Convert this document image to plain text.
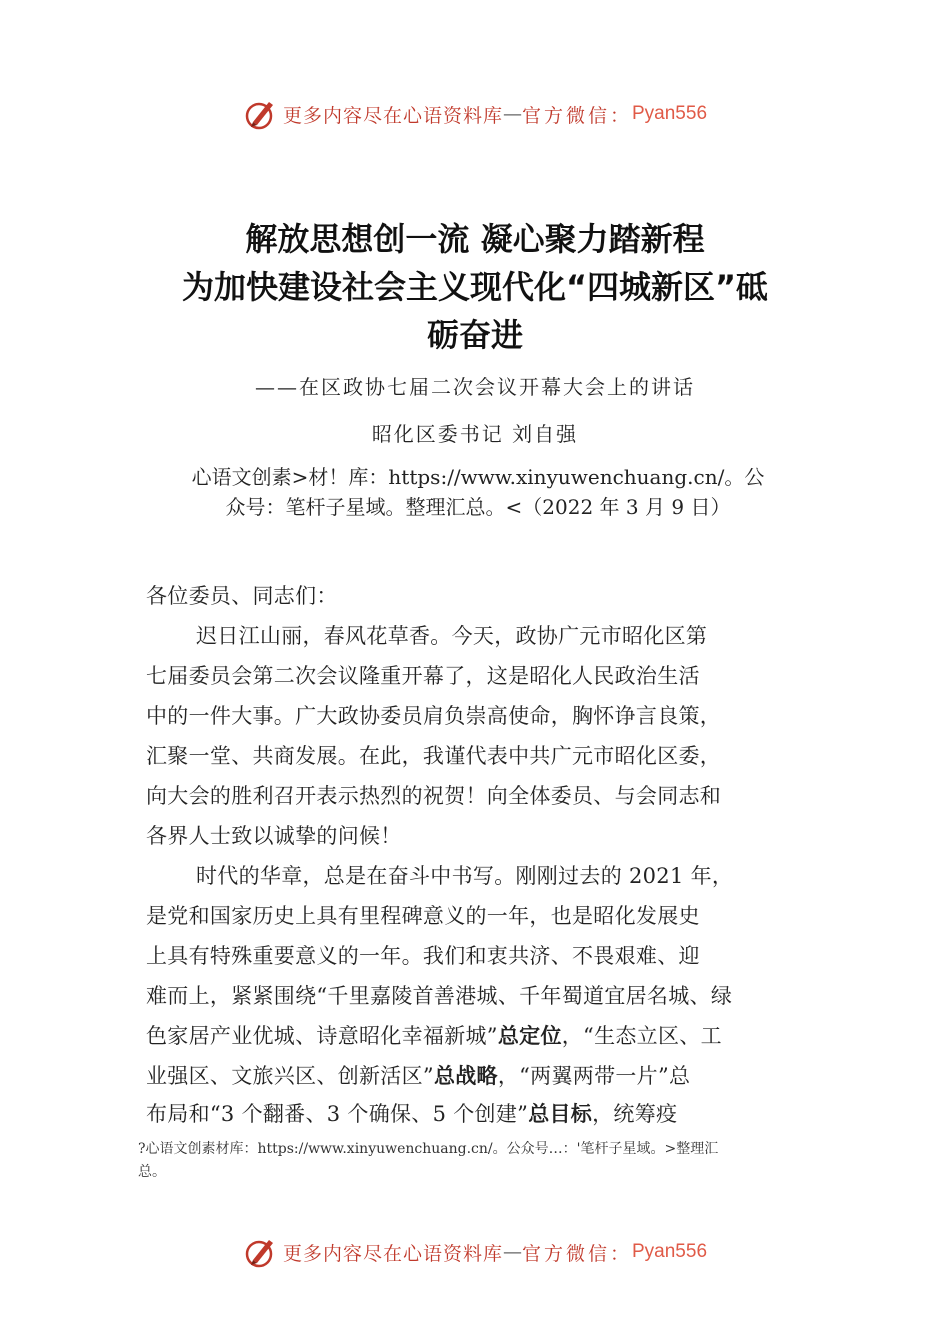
更多内容尽在心语资料库 — 官方微信： Pyan556
解放思想创一流 凝心聚力踏新程
为加快建设社会主义现代化“四城新区”砥
砺奋进
——在区政协七届二次会议开幕大会上的讲话
昭化区委书记 刘自强
心语文创素>材！库：https://www.xinyuwenchuang.cn/。公
众号：笔杆子星域。整理汇总。<（2022 年 3 月 9 日）
各位委员、同志们：
迟日江山丽，春风花草香。今天，政协广元市昭化区第
七届委员会第二次会议隆重开幕了，这是昭化人民政治生活
中的一件大事。广大政协委员肩负崇高使命，胸怀诤言良策，
汇聚一堂、共商发展。在此，我谨代表中共广元市昭化区委，
向大会的胜利召开表示热烈的祝贺！向全体委员、与会同志和
各界人士致以诚挚的问候！
时代的华章，总是在奋斗中书写。刚刚过去的 2021 年，
是党和国家历史上具有里程碑意义的一年，也是昭化发展史
上具有特殊重要意义的一年。我们和衷共济、不畏艰难、迎
难而上，紧紧围绕“千里嘉陵首善港城、千年蜀道宜居名城、绿
色家居产业优城、诗意昭化幸福新城”总定位，“生态立区、工
业强区、文旅兴区、创新活区”总战略，“两翼两带一片”总
布局和“3 个翻番、3 个确保、5 个创建”总目标，统筹疫
?心语文创素材库：https://www.xinyuwenchuang.cn/。公众号…：'笔杆子星域。>整理汇
总。
更多内容尽在心语资料库 — 官方微信： Pyan556
